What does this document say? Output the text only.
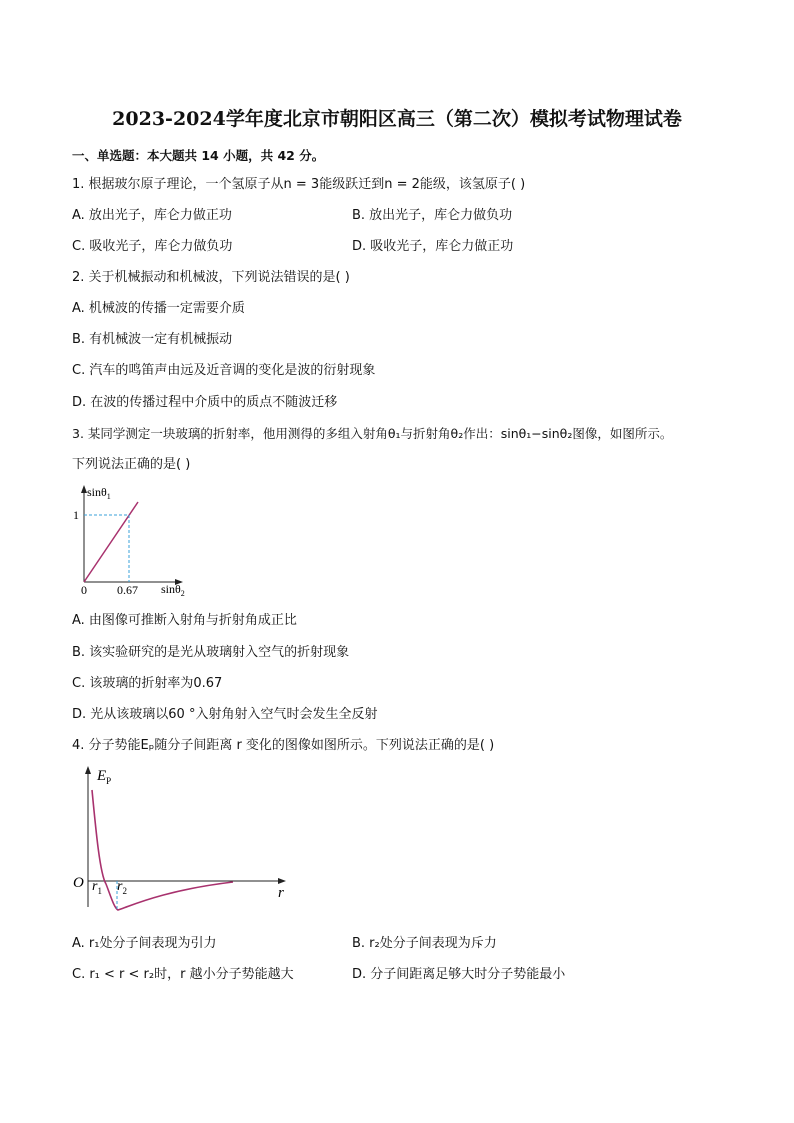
2023-2024学年度北京市朝阳区高三（第二次）模拟考试物理试卷
一、单选题：本大题共 14 小题，共 42 分。
1. 根据玻尔原子理论，一个氢原子从n = 3能级跃迁到n = 2能级，该氢原子( )
A. 放出光子，库仑力做正功	B. 放出光子，库仑力做负功
C. 吸收光子，库仑力做负功	D. 吸收光子，库仑力做正功
2. 关于机械振动和机械波，下列说法错误的是( )
A. 机械波的传播一定需要介质
B. 有机械波一定有机械振动
C. 汽车的鸣笛声由远及近音调的变化是波的衍射现象
D. 在波的传播过程中介质中的质点不随波迁移
3. 某同学测定一块玻璃的折射率，他用测得的多组入射角θ₁与折射角θ₂作出：sinθ₁−sinθ₂图像，如图所示。
下列说法正确的是( )
sinθ$_1$
1
0	0.67 sinθ$_2$
A. 由图像可推断入射角与折射角成正比
B. 该实验研究的是光从玻璃射入空气的折射现象
C. 该玻璃的折射率为0.67
D. 光从该玻璃以60 °入射角射入空气时会发生全反射
4. 分子势能Eₚ随分子间距离 r 变化的图像如图所示。下列说法正确的是( )
$E_P$
O $r_1$ $r_2$	r
A. r₁处分子间表现为引力	B. r₂处分子间表现为斥力
C. r₁ < r < r₂时，r 越小分子势能越大	D. 分子间距离足够大时分子势能最小
